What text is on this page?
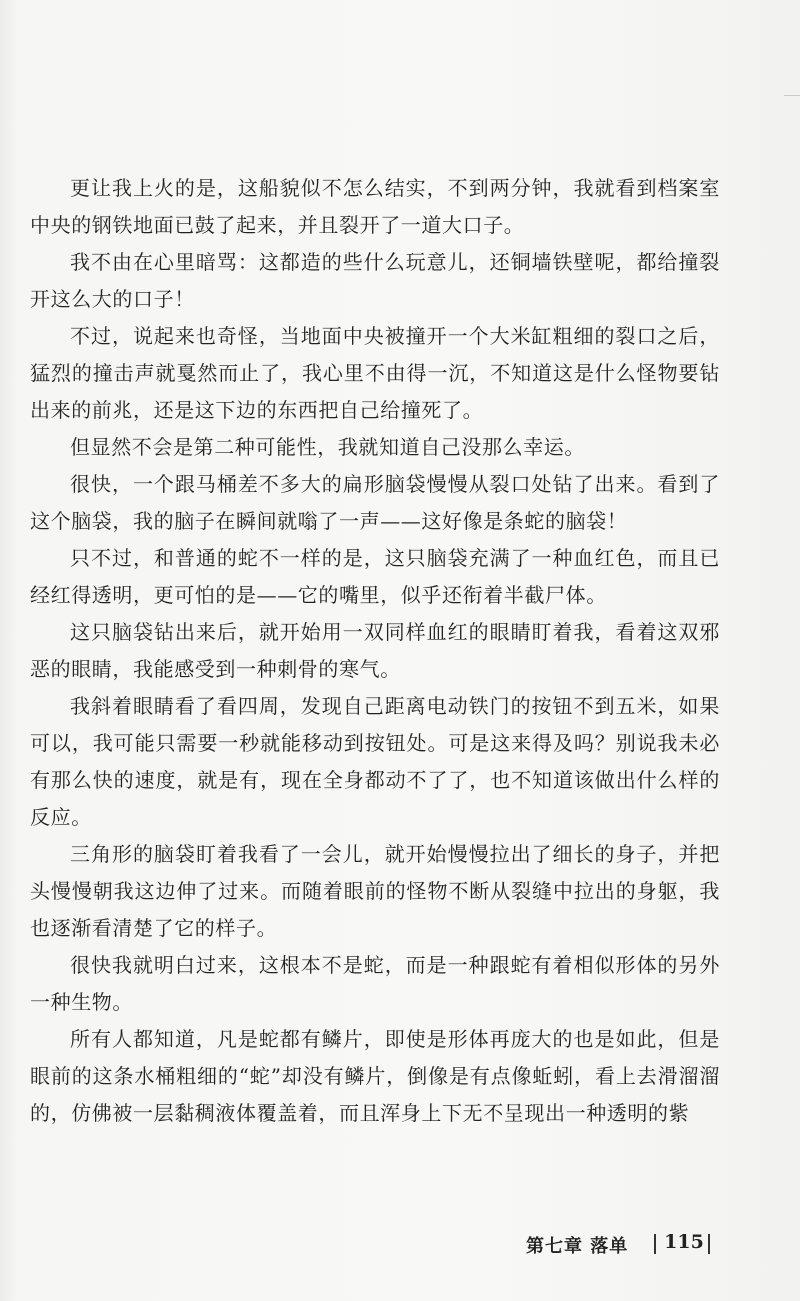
更让我上火的是，这船貌似不怎么结实，不到两分钟，我就看到档案室中央的钢铁地面已鼓了起来，并且裂开了一道大口子。

我不由在心里暗骂：这都造的些什么玩意儿，还铜墙铁壁呢，都给撞裂开这么大的口子！

不过，说起来也奇怪，当地面中央被撞开一个大米缸粗细的裂口之后，猛烈的撞击声就戛然而止了，我心里不由得一沉，不知道这是什么怪物要钻出来的前兆，还是这下边的东西把自己给撞死了。

但显然不会是第二种可能性，我就知道自己没那么幸运。

很快，一个跟马桶差不多大的扁形脑袋慢慢从裂口处钻了出来。看到了这个脑袋，我的脑子在瞬间就嗡了一声——这好像是条蛇的脑袋！

只不过，和普通的蛇不一样的是，这只脑袋充满了一种血红色，而且已经红得透明，更可怕的是——它的嘴里，似乎还衔着半截尸体。

这只脑袋钻出来后，就开始用一双同样血红的眼睛盯着我，看着这双邪恶的眼睛，我能感受到一种刺骨的寒气。

我斜着眼睛看了看四周，发现自己距离电动铁门的按钮不到五米，如果可以，我可能只需要一秒就能移动到按钮处。可是这来得及吗？别说我未必有那么快的速度，就是有，现在全身都动不了了，也不知道该做出什么样的反应。

三角形的脑袋盯着我看了一会儿，就开始慢慢拉出了细长的身子，并把头慢慢朝我这边伸了过来。而随着眼前的怪物不断从裂缝中拉出的身躯，我也逐渐看清楚了它的样子。

很快我就明白过来，这根本不是蛇，而是一种跟蛇有着相似形体的另外一种生物。

所有人都知道，凡是蛇都有鳞片，即使是形体再庞大的也是如此，但是眼前的这条水桶粗细的“蛇”却没有鳞片，倒像是有点像蚯蚓，看上去滑溜溜的，仿佛被一层黏稠液体覆盖着，而且浑身上下无不呈现出一种透明的紫

第七章 落单 115
